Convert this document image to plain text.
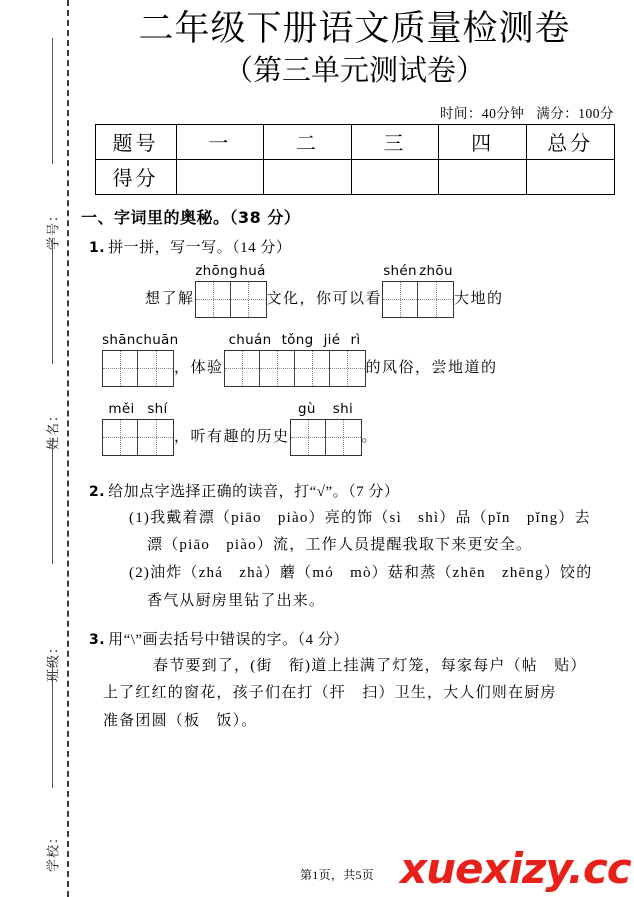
学号：
姓名：
班级：
学校：
二年级下册语文质量检测卷
（第三单元测试卷）
时间：40分钟 满分：100分
题号	一	二	三	四	总分
得分					
一、字词里的奥秘。（38 分）
1. 拼一拼，写一写。（14 分）
想了解
zhōng huá
文化，你可以看
shén zhōu
大地的
shān chuān
，体验
chuán tǒng jié rì
的风俗，尝地道的
měi shí
，听有趣的历史
gù shi
。
2. 给加点字选择正确的读音，打“√”。（7 分）
(1)我戴着漂（piāo　piào）亮的饰（sì　shì）品（pǐn　pǐng）去
漂（piāo　piào）流，工作人员提醒我取下来更安全。
(2)油炸（zhá　zhà）蘑（mó　mò）菇和蒸（zhēn　zhēng）饺的
香气从厨房里钻了出来。
3. 用“\”画去括号中错误的字。（4 分）
春节要到了，(街　衔)道上挂满了灯笼，每家每户（帖　贴）
上了红红的窗花，孩子们在打（扞　扫）卫生，大人们则在厨房
准备团圆（板　饭）。
第1页，共5页 xuexizy.cc
